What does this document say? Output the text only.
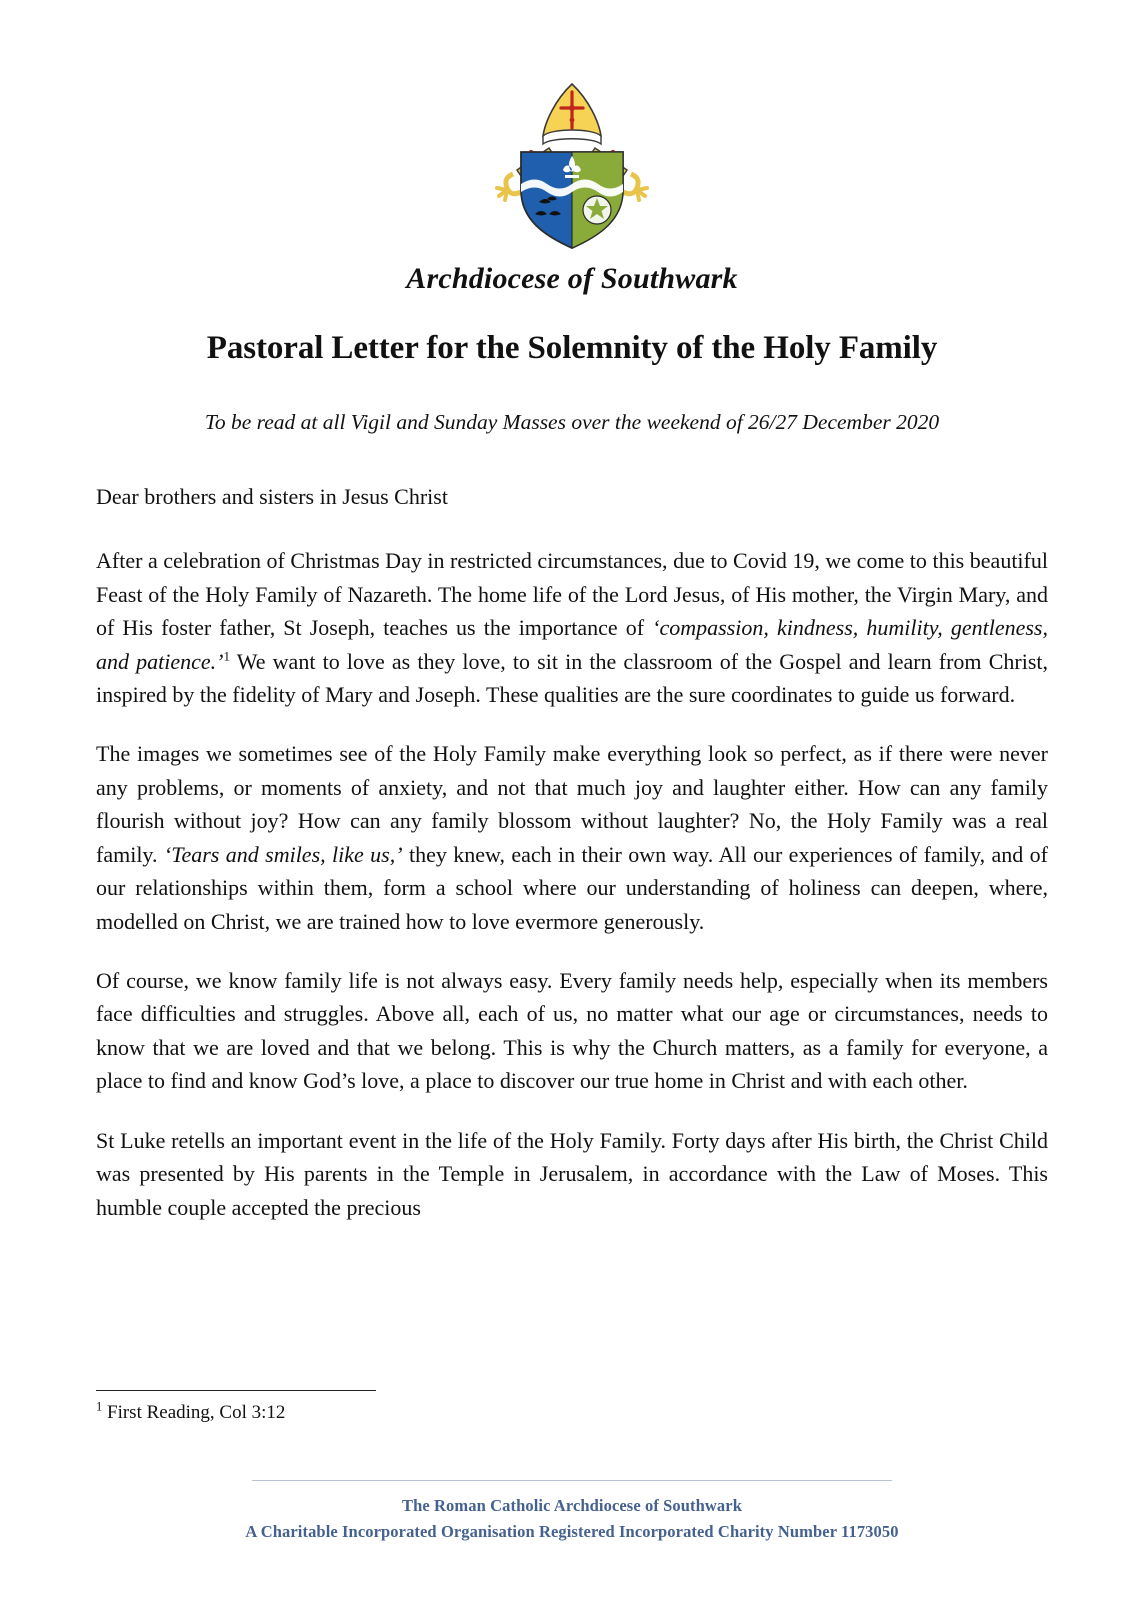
Archdiocese of Southwark
Pastoral Letter for the Solemnity of the Holy Family
To be read at all Vigil and Sunday Masses over the weekend of 26/27 December 2020
Dear brothers and sisters in Jesus Christ

After a celebration of Christmas Day in restricted circumstances, due to Covid 19, we come to this beautiful Feast of the Holy Family of Nazareth. The home life of the Lord Jesus, of His mother, the Virgin Mary, and of His foster father, St Joseph, teaches us the importance of ‘compassion, kindness, humility, gentleness, and patience.’$^1$ We want to love as they love, to sit in the classroom of the Gospel and learn from Christ, inspired by the fidelity of Mary and Joseph. These qualities are the sure coordinates to guide us forward.

The images we sometimes see of the Holy Family make everything look so perfect, as if there were never any problems, or moments of anxiety, and not that much joy and laughter either. How can any family flourish without joy? How can any family blossom without laughter? No, the Holy Family was a real family. ‘Tears and smiles, like us,’ they knew, each in their own way. All our experiences of family, and of our relationships within them, form a school where our understanding of holiness can deepen, where, modelled on Christ, we are trained how to love evermore generously.

Of course, we know family life is not always easy. Every family needs help, especially when its members face difficulties and struggles. Above all, each of us, no matter what our age or circumstances, needs to know that we are loved and that we belong. This is why the Church matters, as a family for everyone, a place to find and know God’s love, a place to discover our true home in Christ and with each other.

St Luke retells an important event in the life of the Holy Family. Forty days after His birth, the Christ Child was presented by His parents in the Temple in Jerusalem, in accordance with the Law of Moses. This humble couple accepted the precious

$^1$ First Reading, Col 3:12
The Roman Catholic Archdiocese of Southwark
A Charitable Incorporated Organisation Registered Incorporated Charity Number 1173050
